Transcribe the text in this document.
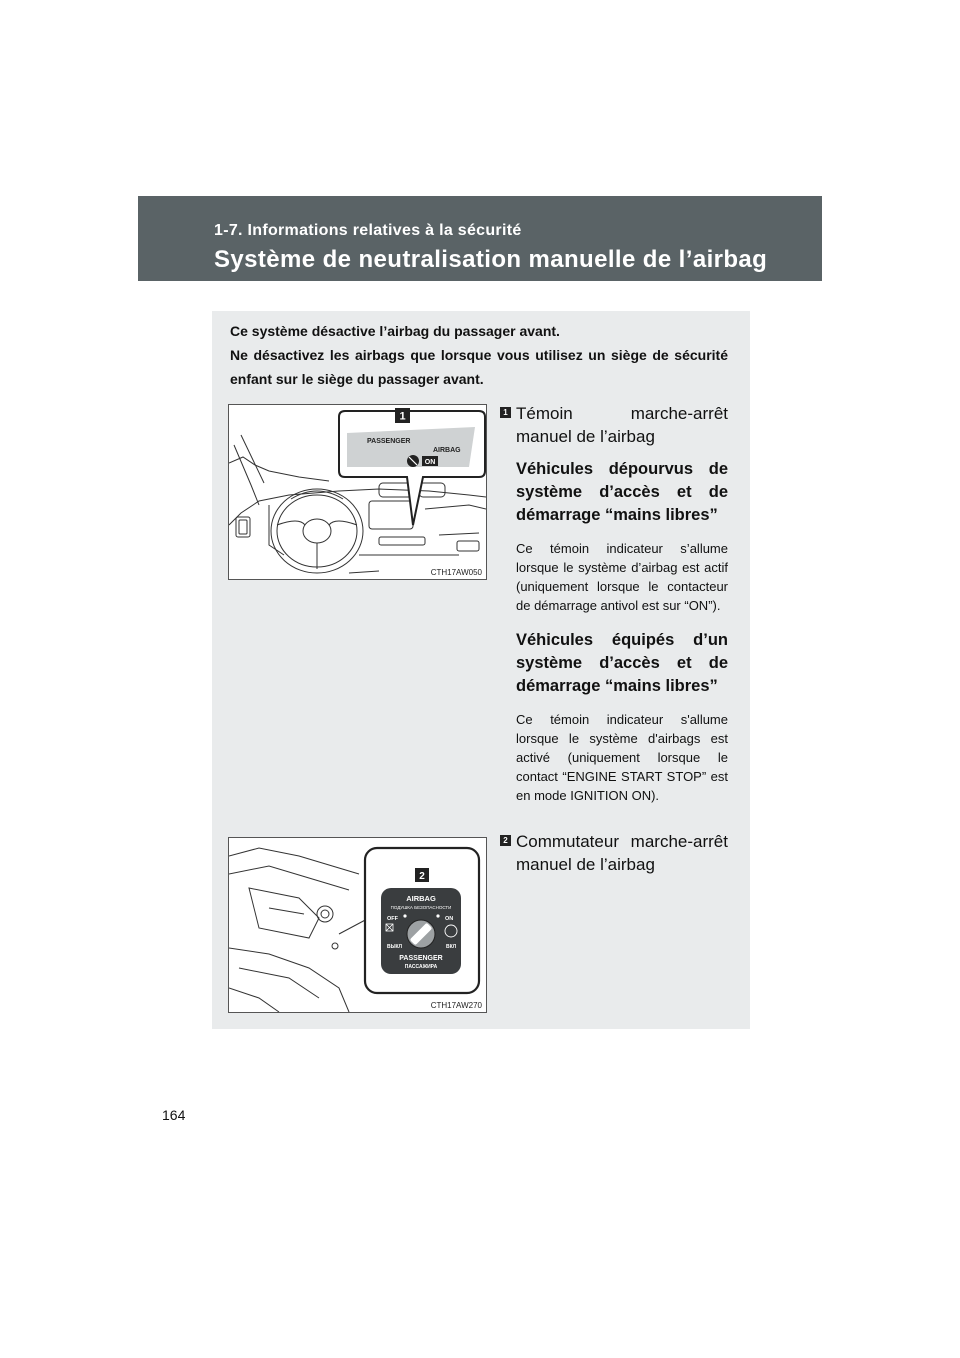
1-7. Informations relatives à la sécurité
Système de neutralisation manuelle de l’airbag

Ce système désactive l’airbag du passager avant.

Ne désactivez les airbags que lorsque vous utilisez un siège de sécurité enfant sur le siège du passager avant.

1
PASSENGER
AIRBAG
ON
CTH17AW050
2
AIRBAG
ПОДУШКА БЕЗОПАСНОСТИ
OFF	ON
ВЫКЛ	ВКЛ
PASSENGER
ПАССАЖИРА
CTH17AW270
1 Témoin marche-arrêt manuel de l’airbag
Véhicules dépourvus de système d’accès et de démarrage “mains libres”
Ce témoin indicateur s’allume lorsque le système d’airbag est actif (uniquement lorsque le contacteur de démarrage antivol est sur “ON”).
Véhicules équipés d’un système d’accès et de démarrage “mains libres”
Ce témoin indicateur s'allume lorsque le système d'airbags est activé (uniquement lorsque le contact “ENGINE START STOP” est en mode IGNITION ON).
2 Commutateur marche-arrêt manuel de l’airbag
164
